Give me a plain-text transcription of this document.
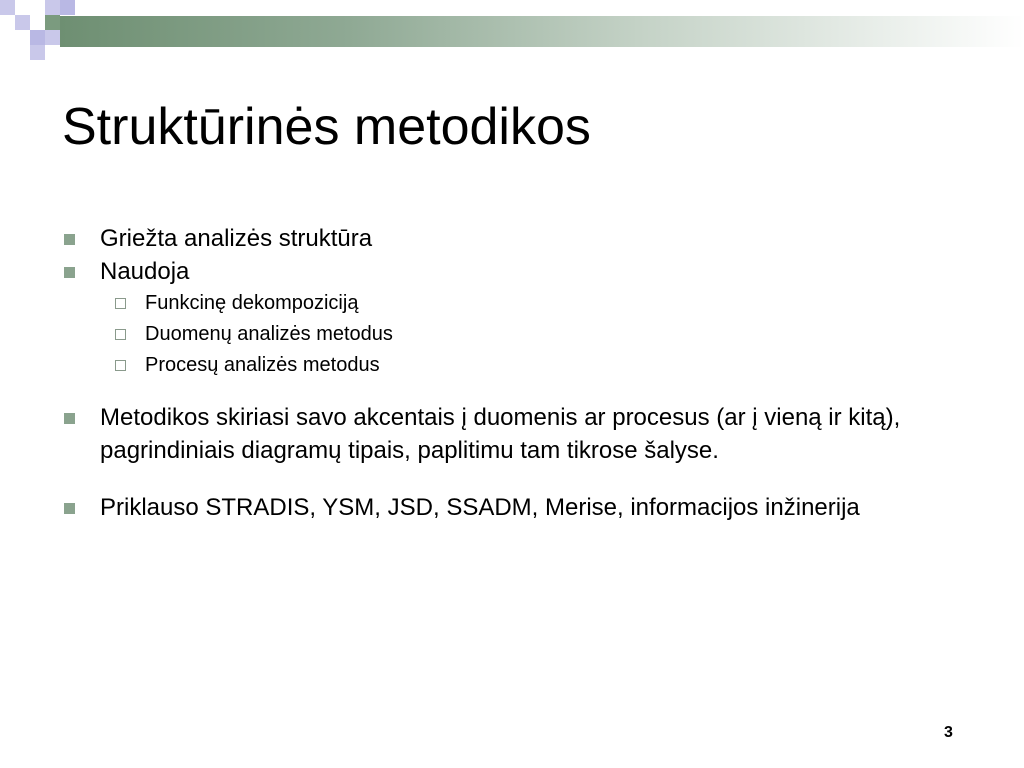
Struktūrinės metodikos
Griežta analizės struktūra
Naudoja
Funkcinę dekompoziciją
Duomenų analizės metodus
Procesų analizės metodus
Metodikos skiriasi savo akcentais į duomenis ar procesus (ar į vieną ir kitą), pagrindiniais diagramų tipais, paplitimu tam tikrose šalyse.
Priklauso STRADIS, YSM, JSD, SSADM, Merise, informacijos inžinerija
3
